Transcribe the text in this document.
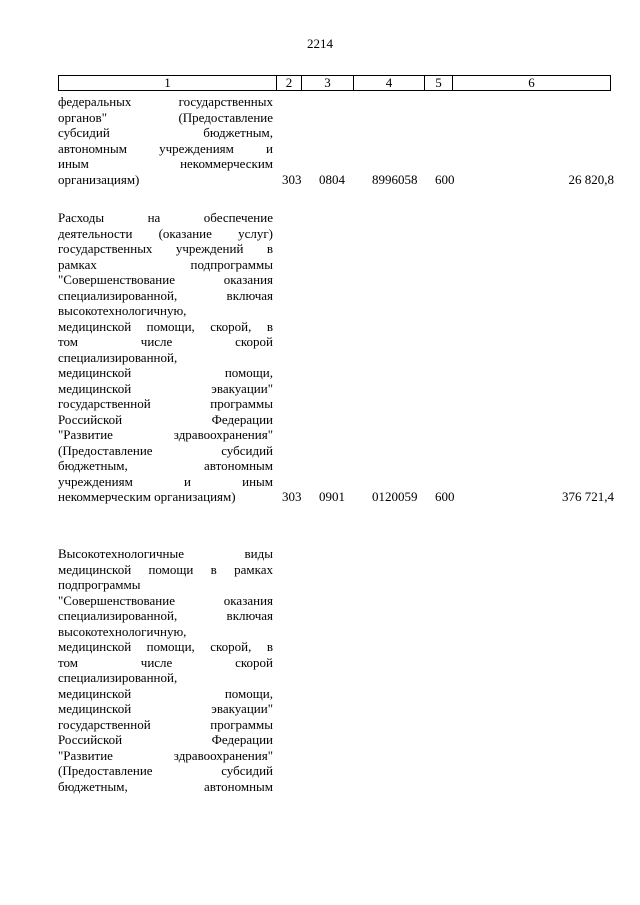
2214
1	2	3	4	5	6
федеральных государственных
органов" (Предоставление
субсидий бюджетным,
автономным учреждениям и
иным некоммерческим
организациям)	303 0804 8996058 600	26 820,8
Расходы на обеспечение
деятельности (оказание услуг)
государственных учреждений в
рамках подпрограммы
"Совершенствование оказания
специализированной, включая
высокотехнологичную,
медицинской помощи, скорой, в
том числе скорой
специализированной,
медицинской помощи,
медицинской эвакуации"
государственной программы
Российской Федерации
"Развитие здравоохранения"
(Предоставление субсидий
бюджетным, автономным
учреждениям и иным
некоммерческим организациям)	303 0901 0120059 600	376 721,4
Высокотехнологичные виды
медицинской помощи в рамках
подпрограммы
"Совершенствование оказания
специализированной, включая
высокотехнологичную,
медицинской помощи, скорой, в
том числе скорой
специализированной,
медицинской помощи,
медицинской эвакуации"
государственной программы
Российской Федерации
"Развитие здравоохранения"
(Предоставление субсидий
бюджетным, автономным
